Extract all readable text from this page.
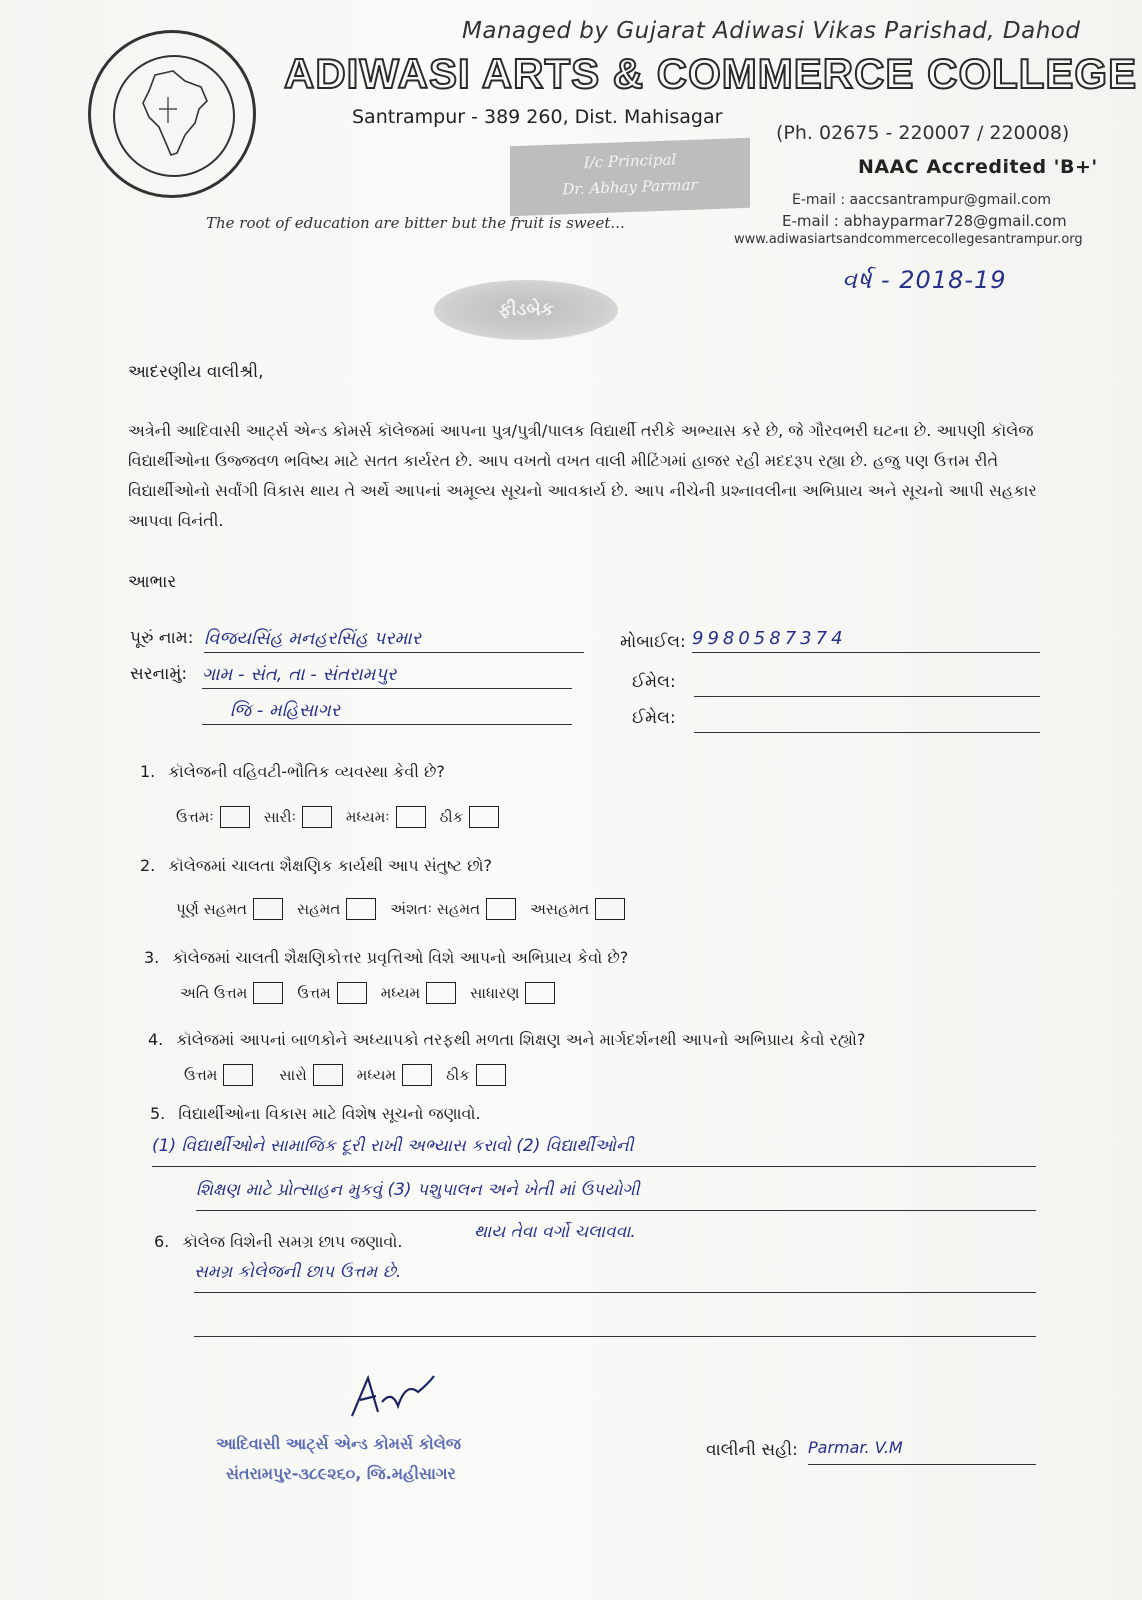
Managed by Gujarat Adiwasi Vikas Parishad, Dahod
ADIWASI ARTS & COMMERCE COLLEGE
Santrampur - 389 260, Dist. Mahisagar
(Ph. 02675 - 220007 / 220008)
I/c Principal
Dr. Abhay Parmar
NAAC Accredited 'B+'
E-mail : aaccsantrampur@gmail.com
E-mail : abhayparmar728@gmail.com
www.adiwasiartsandcommercecollegesantrampur.org
The root of education are bitter but the fruit is sweet...
વર્ષ - 2018-19
ફીડબેક
આદરણીય વાલીશ્રી,
અત્રેની આદિવાસી આર્ટ્સ એન્ડ કોમર્સ કૉલેજમાં આપના પુત્ર/પુત્રી/પાલક વિદ્યાર્થી તરીકે અભ્યાસ કરે છે, જે ગૌરવભરી ઘટના છે. આપણી કૉલેજ વિદ્યાર્થીઓના ઉજ્જવળ ભવિષ્ય માટે સતત કાર્યરત છે. આપ વખતો વખત વાલી મીટિંગમાં હાજર રહી મદદરૂપ રહ્યા છે. હજુ પણ ઉત્તમ રીતે વિદ્યાર્થીઓનો સર્વાંગી વિકાસ થાય તે અર્થે આપનાં અમૂલ્ય સૂચનો આવકાર્ય છે. આપ નીચેની પ્રશ્નાવલીના અભિપ્રાય અને સૂચનો આપી સહકાર આપવા વિનંતી.
આભાર
પૂરું નામ: વિજયસિંહ મનહરસિંહ પરમાર	મોબાઈલ: 9980587374
સરનામું: ગામ - સંત, તા - સંતરામપુર
જિ - મહિસાગર
ઈમેલ:
ઈમેલ:
1. કૉલેજની વહિવટી-ભૌતિક વ્યવસ્થા કેવી છે?
ઉત્તમઃ	સારીઃ	મધ્યમઃ	ઠીક
2. કૉલેજમાં ચાલતા શૈક્ષણિક કાર્યથી આપ સંતુષ્ટ છો?
પૂર્ણ સહમત	સહમત	અંશતઃ સહમત	અસહમત
3. કૉલેજમાં ચાલતી શૈક્ષણિકોત્તર પ્રવૃત્તિઓ વિશે આપનો અભિપ્રાય કેવો છે?
અતિ ઉત્તમ	ઉત્તમ	મધ્યમ	સાધારણ
4. કૉલેજમાં આપનાં બાળકોને અધ્યાપકો તરફથી મળતા શિક્ષણ અને માર્ગદર્શનથી આપનો અભિપ્રાય કેવો રહ્યો?
ઉત્તમ	સારો	મધ્યમ	ઠીક
5. વિદ્યાર્થીઓના વિકાસ માટે વિશેષ સૂચનો જણાવો.
(1) વિદ્યાર્થીઓને સામાજિક દૂરી રાખી અભ્યાસ કરાવો (2) વિદ્યાર્થીઓની
શિક્ષણ માટે પ્રોત્સાહન મુકવું (3) પશુપાલન અને ખેતી માં ઉપયોગી
થાય તેવા વર્ગો ચલાવવા.
6. કૉલેજ વિશેની સમગ્ર છાપ જણાવો.
સમગ્ર કોલેજની છાપ ઉત્તમ છે.
આદિવાસી આર્ટ્સ એન્ડ કોમર્સ કોલેજ
સંતરામપુર-૩૮૯૨૬૦, જિ.મહીસાગર
વાલીની સહી: Parmar. V.M
